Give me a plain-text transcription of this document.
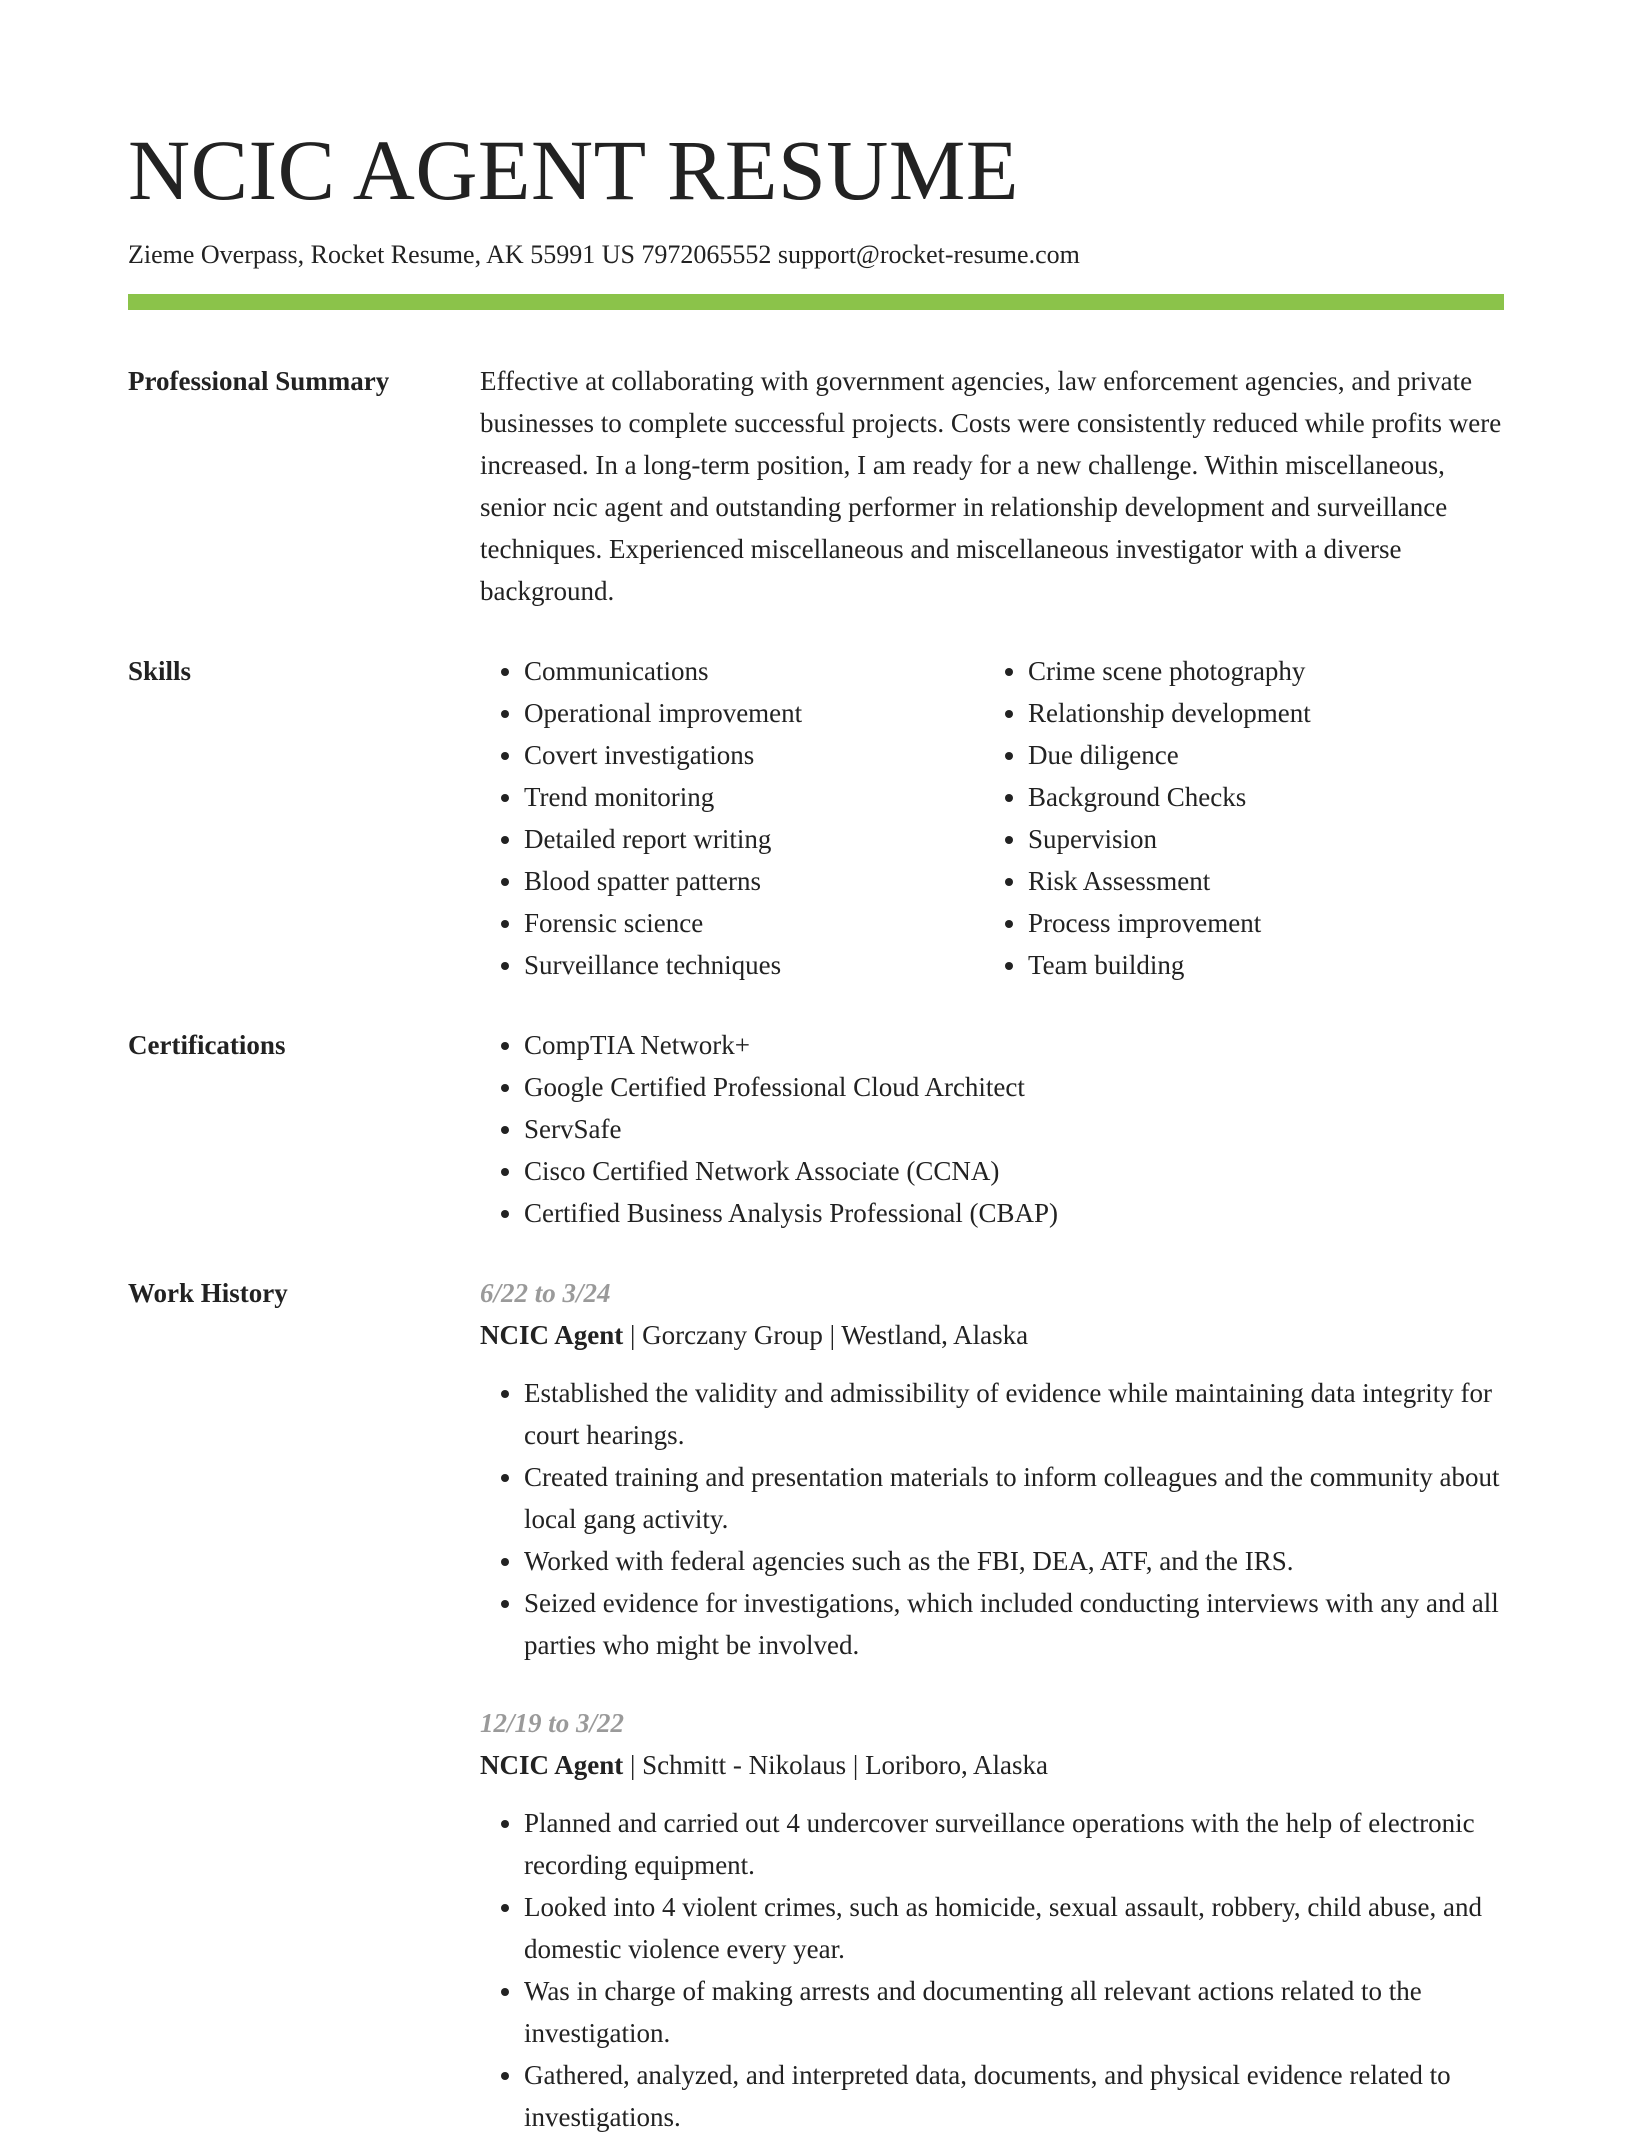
NCIC AGENT RESUME
Zieme Overpass, Rocket Resume, AK 55991 US 7972065552 support@rocket-resume.com
Professional Summary	Effective at collaborating with government agencies, law enforcement agencies, and private businesses to complete successful projects. Costs were consistently reduced while profits were increased. In a long-term position, I am ready for a new challenge. Within miscellaneous, senior ncic agent and outstanding performer in relationship development and surveillance techniques. Experienced miscellaneous and miscellaneous investigator with a diverse background.

Skills	• Communications
• Operational improvement
• Covert investigations
• Trend monitoring
• Detailed report writing
• Blood spatter patterns
• Forensic science
• Surveillance techniques
• Crime scene photography
• Relationship development
• Due diligence
• Background Checks
• Supervision
• Risk Assessment
• Process improvement
• Team building
Certifications	• CompTIA Network+
• Google Certified Professional Cloud Architect
• ServSafe
• Cisco Certified Network Associate (CCNA)
• Certified Business Analysis Professional (CBAP)
Work History	6/22 to 3/24
NCIC Agent | Gorczany Group | Westland, Alaska
• Established the validity and admissibility of evidence while maintaining data integrity for court hearings.
• Created training and presentation materials to inform colleagues and the community about local gang activity.
• Worked with federal agencies such as the FBI, DEA, ATF, and the IRS.
• Seized evidence for investigations, which included conducting interviews with any and all parties who might be involved.
12/19 to 3/22
NCIC Agent | Schmitt - Nikolaus | Loriboro, Alaska
• Planned and carried out 4 undercover surveillance operations with the help of electronic recording equipment.
• Looked into 4 violent crimes, such as homicide, sexual assault, robbery, child abuse, and domestic violence every year.
• Was in charge of making arrests and documenting all relevant actions related to the investigation.
• Gathered, analyzed, and interpreted data, documents, and physical evidence related to investigations.
